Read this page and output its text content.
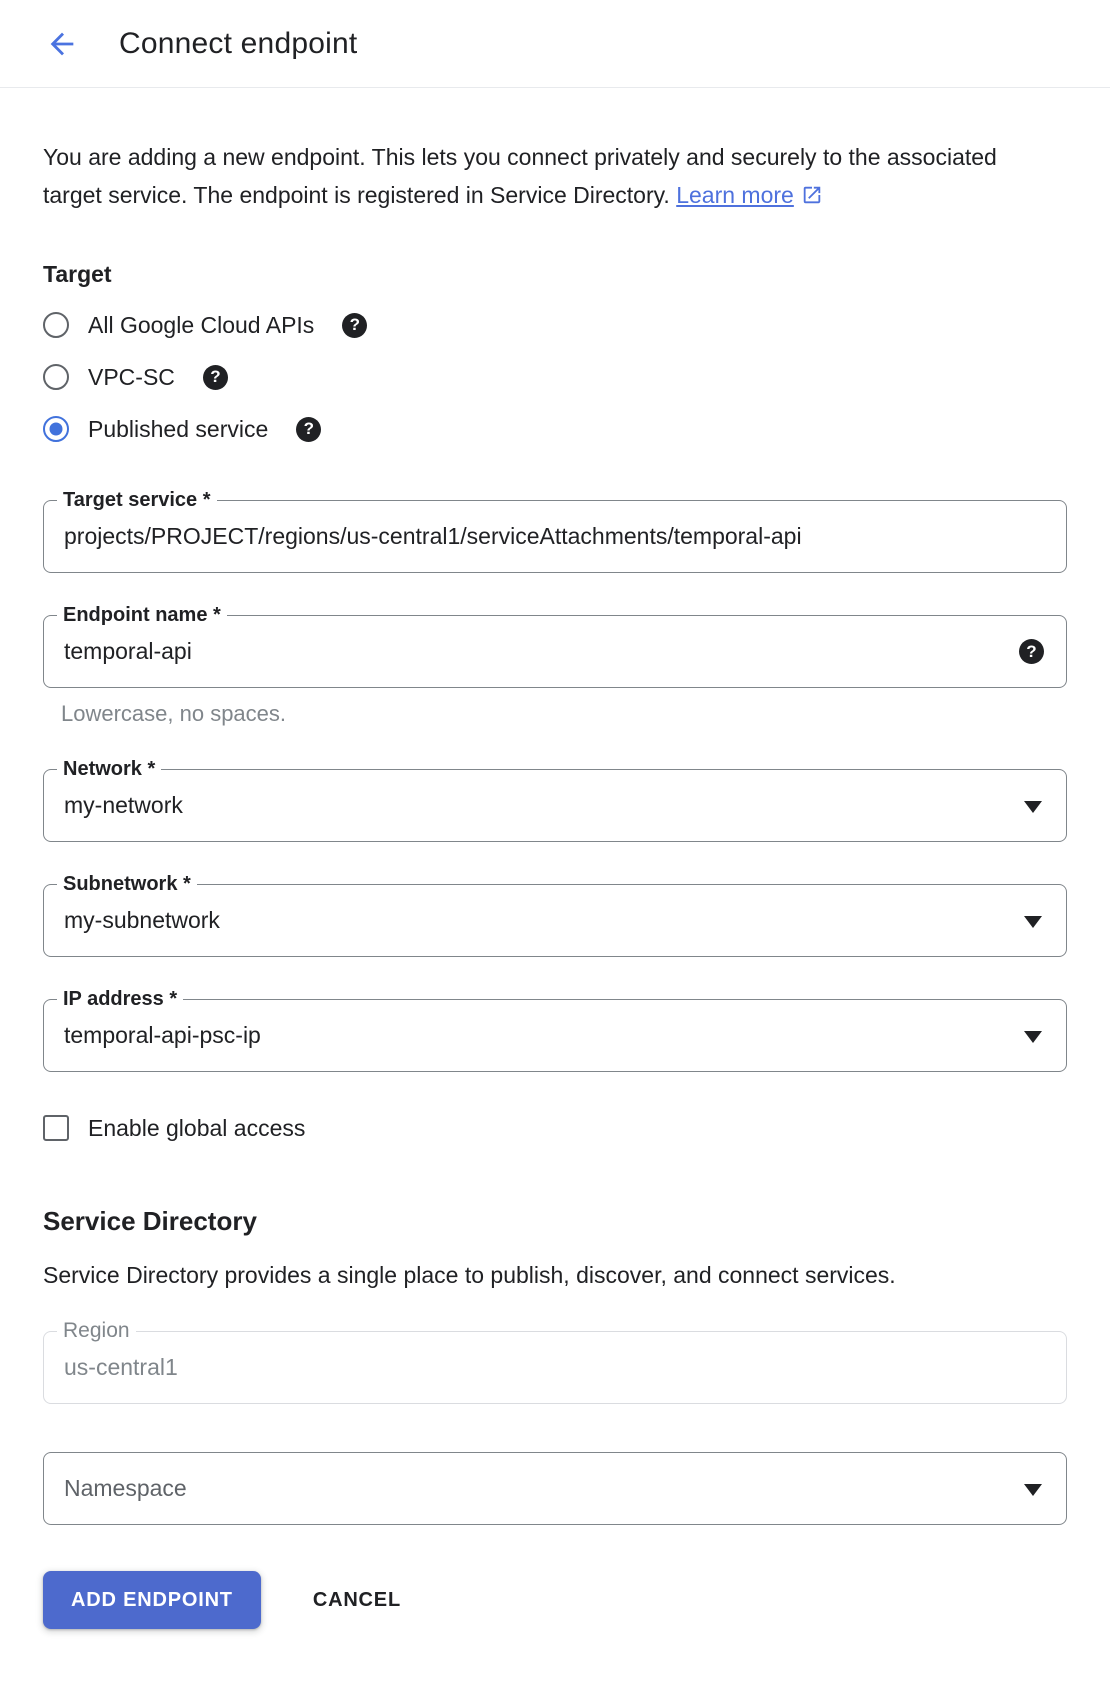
Connect endpoint

You are adding a new endpoint. This lets you connect privately and securely to the associated target service. The endpoint is registered in Service Directory. Learn more

Target
All Google Cloud APIs	?
VPC-SC	?
Published service	?
Target service *
projects/PROJECT/regions/us-central1/serviceAttachments/temporal-api
Endpoint name *
temporal-api	?
Lowercase, no spaces.
Network *
my-network
Subnetwork *
my-subnetwork
IP address *
temporal-api-psc-ip
Enable global access
Service Directory

Service Directory provides a single place to publish, discover, and connect services.

Region
us-central1
Namespace
ADD ENDPOINT	CANCEL
